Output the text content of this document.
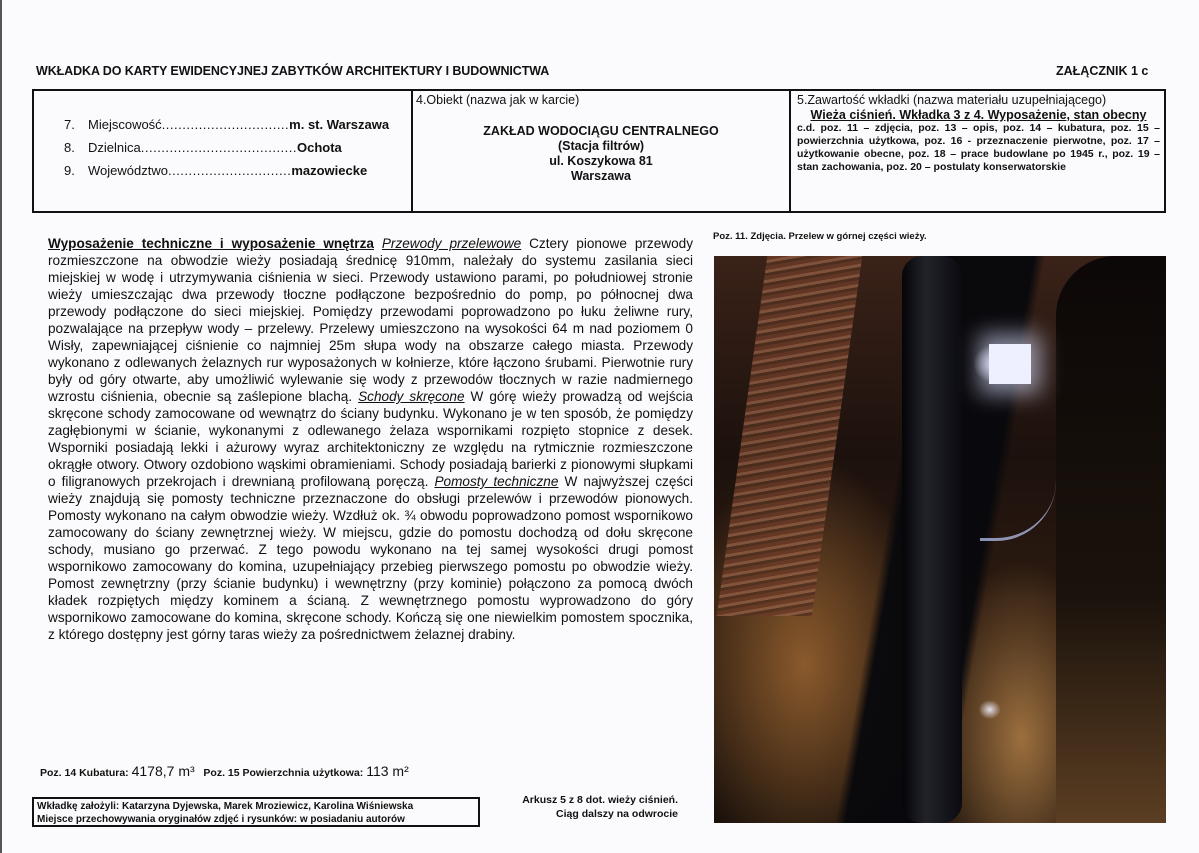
WKŁADKA DO KARTY EWIDENCYJNEJ ZABYTKÓW ARCHITEKTURY I BUDOWNICTWA	ZAŁĄCZNIK 1 c
7.	Miejscowość ............................... m. st. Warszawa
8.	Dzielnica ...................................... Ochota
9.	Województwo .............................. mazowiecke
4.Obiekt (nazwa jak w karcie)
ZAKŁAD WODOCIĄGU CENTRALNEGO
(Stacja filtrów)
ul. Koszykowa 81
Warszawa
5.Zawartość wkładki (nazwa materiału uzupełniającego)
Wieża ciśnień. Wkładka 3 z 4. Wyposażenie, stan obecny
c.d. poz. 11 – zdjęcia, poz. 13 – opis, poz. 14 – kubatura, poz. 15 – powierzchnia użytkowa, poz. 16 - przeznaczenie pierwotne, poz. 17 – użytkowanie obecne, poz. 18 – prace budowlane po 1945 r., poz. 19 – stan zachowania, poz. 20 – postulaty konserwatorskie
Wyposażenie techniczne i wyposażenie wnętrza Przewody przelewowe Cztery pionowe przewody rozmieszczone na obwodzie wieży posiadają średnicę 910mm, należały do systemu zasilania sieci miejskiej w wodę i utrzymywania ciśnienia w sieci. Przewody ustawiono parami, po południowej stronie wieży umieszczając dwa przewody tłoczne podłączone bezpośrednio do pomp, po północnej dwa przewody podłączone do sieci miejskiej. Pomiędzy przewodami poprowadzono po łuku żeliwne rury, pozwalające na przepływ wody – przelewy. Przelewy umieszczono na wysokości 64 m nad poziomem 0 Wisły, zapewniającej ciśnienie co najmniej 25m słupa wody na obszarze całego miasta. Przewody wykonano z odlewanych żelaznych rur wyposażonych w kołnierze, które łączono śrubami. Pierwotnie rury były od góry otwarte, aby umożliwić wylewanie się wody z przewodów tłocznych w razie nadmiernego wzrostu ciśnienia, obecnie są zaślepione blachą. Schody skręcone W górę wieży prowadzą od wejścia skręcone schody zamocowane od wewnątrz do ściany budynku. Wykonano je w ten sposób, że pomiędzy zagłębionymi w ścianie, wykonanymi z odlewanego żelaza wspornikami rozpięto stopnice z desek. Wsporniki posiadają lekki i ażurowy wyraz architektoniczny ze względu na rytmicznie rozmieszczone okrągłe otwory. Otwory ozdobiono wąskimi obramieniami. Schody posiadają barierki z pionowymi słupkami o filigranowych przekrojach i drewnianą profilowaną poręczą. Pomosty techniczne W najwyższej części wieży znajdują się pomosty techniczne przeznaczone do obsługi przelewów i przewodów pionowych. Pomosty wykonano na całym obwodzie wieży. Wzdłuż ok. ¾ obwodu poprowadzono pomost wspornikowo zamocowany do ściany zewnętrznej wieży. W miejscu, gdzie do pomostu dochodzą od dołu skręcone schody, musiano go przerwać. Z tego powodu wykonano na tej samej wysokości drugi pomost wspornikowo zamocowany do komina, uzupełniający przebieg pierwszego pomostu po obwodzie wieży. Pomost zewnętrzny (przy ścianie budynku) i wewnętrzny (przy kominie) połączono za pomocą dwóch kładek rozpiętych między kominem a ścianą. Z wewnętrznego pomostu wyprowadzono do góry wspornikowo zamocowane do komina, skręcone schody. Kończą się one niewielkim pomostem spocznika, z którego dostępny jest górny taras wieży za pośrednictwem żelaznej drabiny.
Poz. 11. Zdjęcia. Przelew w górnej części wieży.
Poz. 14 Kubatura: 4178,7 m³ Poz. 15 Powierzchnia użytkowa: 113 m²
Wkładkę założyli: Katarzyna Dyjewska, Marek Mroziewicz, Karolina Wiśniewska
Miejsce przechowywania oryginałów zdjęć i rysunków: w posiadaniu autorów
Arkusz 5 z 8 dot. wieży ciśnień.
Ciąg dalszy na odwrocie
